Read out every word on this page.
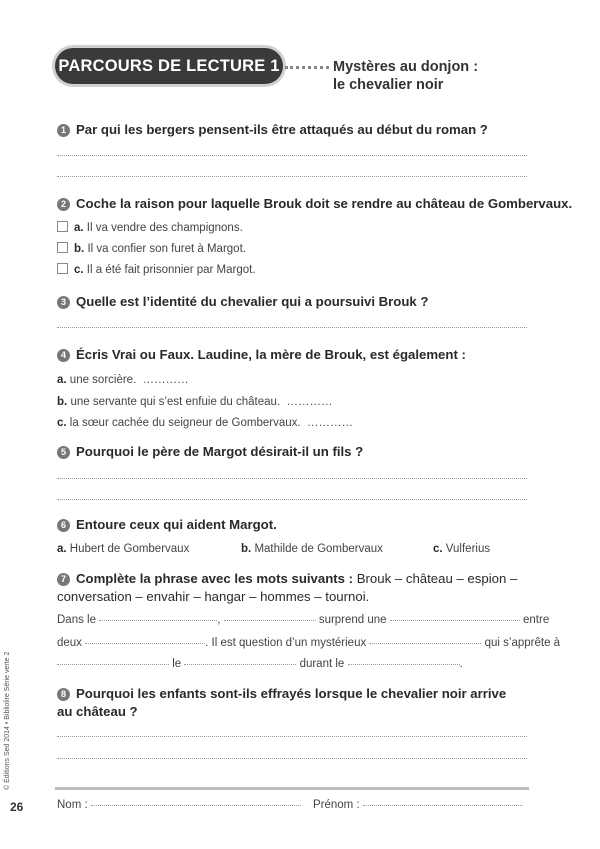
PARCOURS DE LECTURE 1	Mystères au donjon :
le chevalier noir
1 Par qui les bergers pensent-ils être attaqués au début du roman ?
2 Coche la raison pour laquelle Brouk doit se rendre au château de Gombervaux.
a. Il va vendre des champignons.
b. Il va confier son furet à Margot.
c. Il a été fait prisonnier par Margot.
3 Quelle est l’identité du chevalier qui a poursuivi Brouk ?
4 Écris Vrai ou Faux. Laudine, la mère de Brouk, est également :
a. une sorcière. …………
b. une servante qui s’est enfuie du château. …………
c. la sœur cachée du seigneur de Gombervaux. …………
5 Pourquoi le père de Margot désirait-il un fils ?
6 Entoure ceux qui aident Margot.
a. Hubert de Gombervaux	b. Mathilde de Gombervaux	c. Vulferius
7 Complète la phrase avec les mots suivants : Brouk – château – espion –
conversation – envahir – hangar – hommes – tournoi.
Dans le	,	surprend une	entre
deux	. Il est question d’un mystérieux	qui s’apprête à
le	durant le	.
8 Pourquoi les enfants sont-ils effrayés lorsque le chevalier noir arrive
au château ?
Nom :	Prénom :
26
© Éditions Sed 2014 • Bibliolire Série verte 2
